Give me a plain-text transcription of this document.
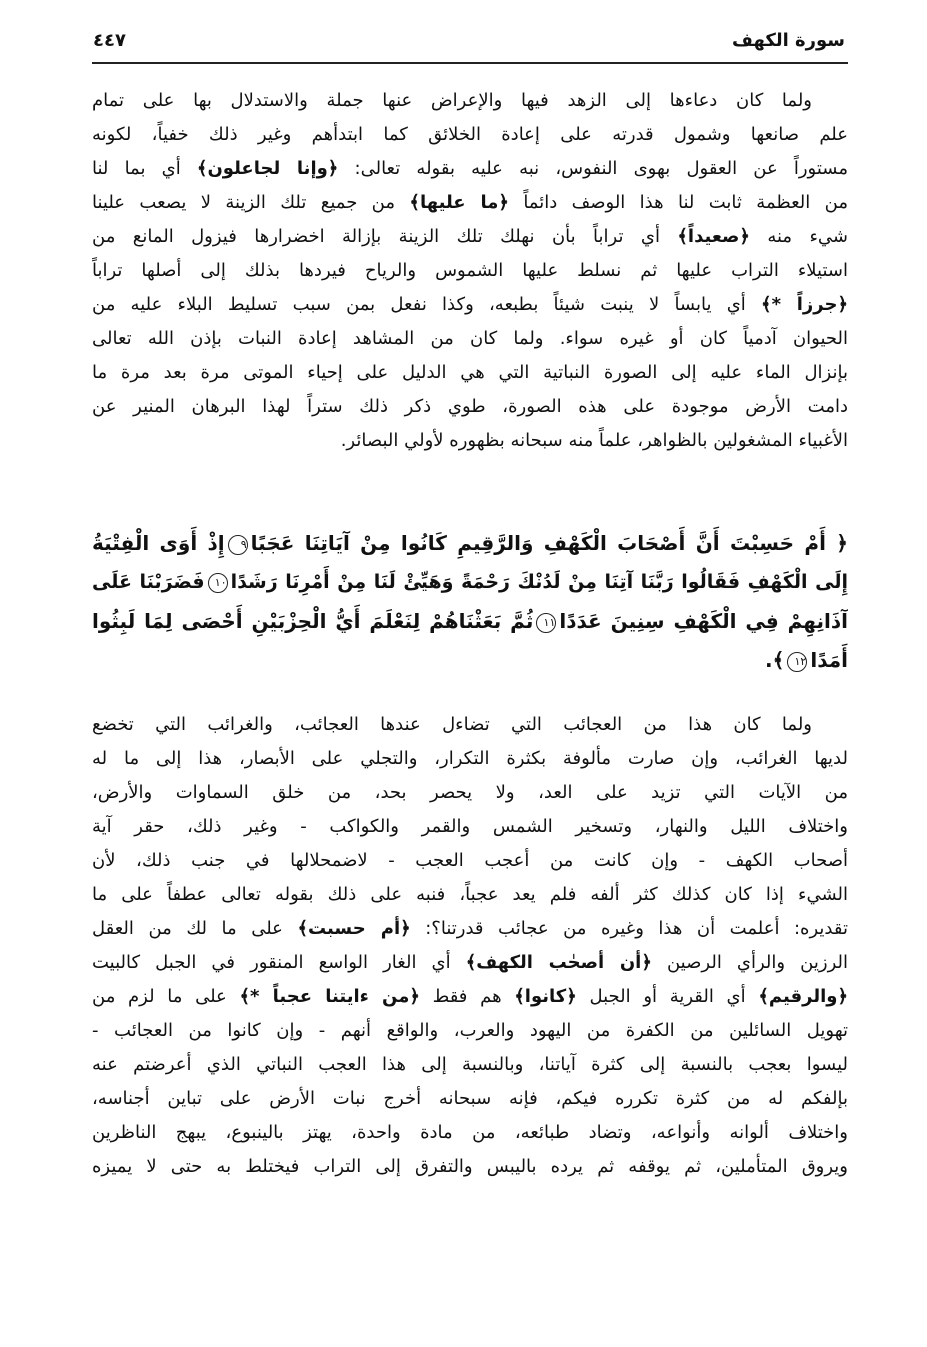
سورة الكهف
٤٤٧
ولما كان دعاءها إلى الزهد فيها والإعراض عنها جملة والاستدلال بها على تمام
علم صانعها وشمول قدرته على إعادة الخلائق كما ابتدأهم وغير ذلك خفياً، لكونه
مستوراً عن العقول بهوى النفوس، نبه عليه بقوله تعالى: ﴿وإنا لجاعلون﴾ أي بما لنا
من العظمة ثابت لنا هذا الوصف دائماً ﴿ما عليها﴾ من جميع تلك الزينة لا يصعب علينا
شيء منه ﴿صعيداً﴾ أي تراباً بأن نهلك تلك الزينة بإزالة اخضرارها فيزول المانع من
استيلاء التراب عليها ثم نسلط عليها الشموس والرياح فيردها بذلك إلى أصلها تراباً
﴿جرزاً *﴾ أي يابساً لا ينبت شيئاً بطبعه، وكذا نفعل بمن سبب تسليط البلاء عليه من
الحيوان آدمياً كان أو غيره سواء. ولما كان من المشاهد إعادة النبات بإذن الله تعالى
بإنزال الماء عليه إلى الصورة النباتية التي هي الدليل على إحياء الموتى مرة بعد مرة ما
دامت الأرض موجودة على هذه الصورة، طوي ذكر ذلك ستراً لهذا البرهان المنير عن
الأغبياء المشغولين بالظواهر، علماً منه سبحانه بظهوره لأولي البصائر.
﴿ أَمْ حَسِبْتَ أَنَّ أَصْحَابَ الْكَهْفِ وَالرَّقِيمِ كَانُوا مِنْ آيَاتِنَا عَجَبًا٩إِذْ أَوَى الْفِتْيَةُ
إِلَى الْكَهْفِ فَقَالُوا رَبَّنَا آتِنَا مِنْ لَدُنْكَ رَحْمَةً وَهَيِّئْ لَنَا مِنْ أَمْرِنَا رَشَدًا١٠فَضَرَبْنَا عَلَى
آذَانِهِمْ فِي الْكَهْفِ سِنِينَ عَدَدًا١١ثُمَّ بَعَثْنَاهُمْ لِنَعْلَمَ أَيُّ الْحِزْبَيْنِ أَحْصَى لِمَا لَبِثُوا
أَمَدًا١٢﴾.
ولما كان هذا من العجائب التي تضاءل عندها العجائب، والغرائب التي تخضع
لديها الغرائب، وإن صارت مألوفة بكثرة التكرار، والتجلي على الأبصار، هذا إلى ما له
من الآيات التي تزيد على العد، ولا يحصر بحد، من خلق السماوات والأرض،
واختلاف الليل والنهار، وتسخير الشمس والقمر والكواكب - وغير ذلك، حقر آية
أصحاب الكهف - وإن كانت من أعجب العجب - لاضمحلالها في جنب ذلك، لأن
الشيء إذا كان كذلك كثر ألفه فلم يعد عجباً، فنبه على ذلك بقوله تعالى عطفاً على ما
تقديره: أعلمت أن هذا وغيره من عجائب قدرتنا؟: ﴿أم حسبت﴾ على ما لك من العقل
الرزين والرأي الرصين ﴿أن أصحٰب الكهف﴾ أي الغار الواسع المنقور في الجبل كالبيت
﴿والرقيم﴾ أي القرية أو الجبل ﴿كانوا﴾ هم فقط ﴿من ءايتنا عجباً *﴾ على ما لزم من
تهويل السائلين من الكفرة من اليهود والعرب، والواقع أنهم - وإن كانوا من العجائب -
ليسوا بعجب بالنسبة إلى كثرة آياتنا، وبالنسبة إلى هذا العجب النباتي الذي أعرضتم عنه
بإلفكم له من كثرة تكرره فيكم، فإنه سبحانه أخرج نبات الأرض على تباين أجناسه،
واختلاف ألوانه وأنواعه، وتضاد طبائعه، من مادة واحدة، يهتز بالينبوع، يبهج الناظرين
ويروق المتأملين، ثم يوقفه ثم يرده باليبس والتفرق إلى التراب فيختلط به حتى لا يميزه
